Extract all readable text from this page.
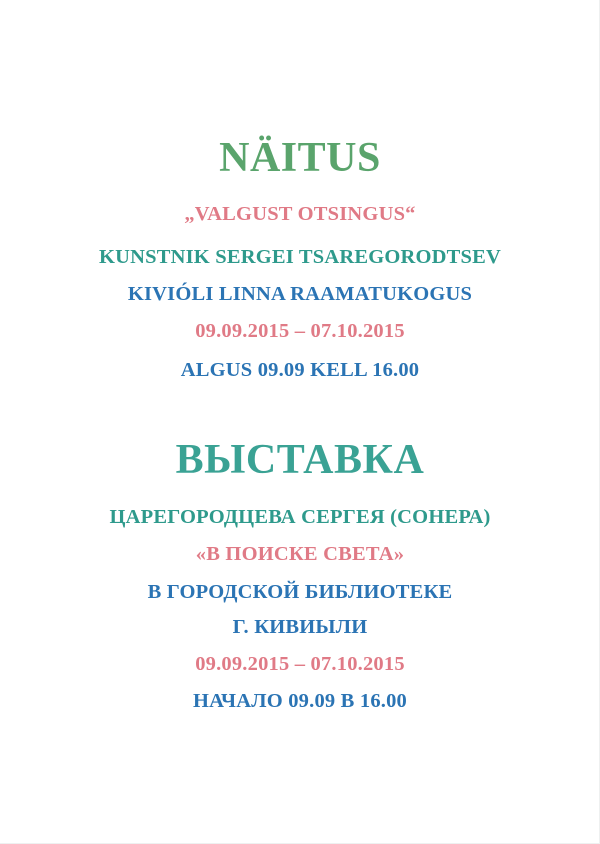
NÄITUS
„VALGUST OTSINGUS“
KUNSTNIK SERGEI TSAREGORODTSEV
KIVIÓLI LINNA RAAMATUKOGUS
09.09.2015 – 07.10.2015
ALGUS 09.09 KELL 16.00
ВЫСТАВКА
ЦАРЕГОРОДЦЕВА СЕРГЕЯ (СОНЕРА)
«В ПОИСКЕ СВЕТА»
В ГОРОДСКОЙ БИБЛИОТЕКЕ
Г. КИВИЫЛИ
09.09.2015 – 07.10.2015
НАЧАЛО 09.09 В 16.00
